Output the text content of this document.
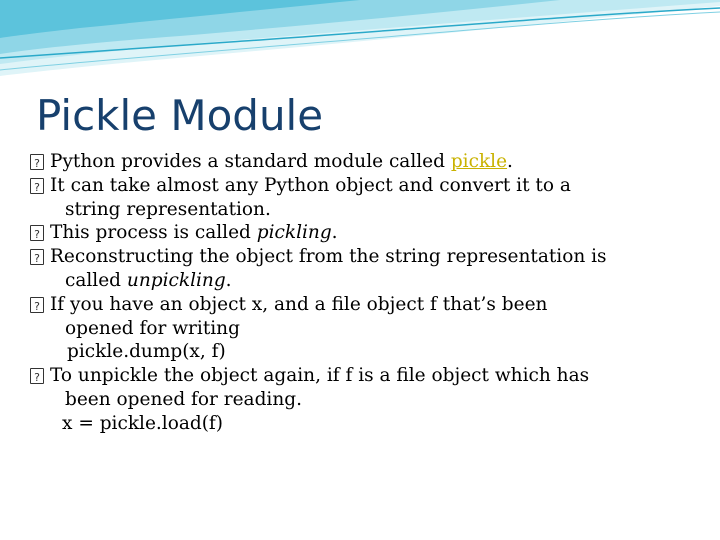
Pickle Module
?
Python provides a standard module called pickle.
?
It can take almost any Python object and convert it to a
string representation.
?
This process is called pickling.
?
Reconstructing the object from the string representation is
called unpickling.
?
If you have an object x, and a file object f that’s been
opened for writing
pickle.dump(x, f)
?
To unpickle the object again, if f is a file object which has
been opened for reading.
x = pickle.load(f)
